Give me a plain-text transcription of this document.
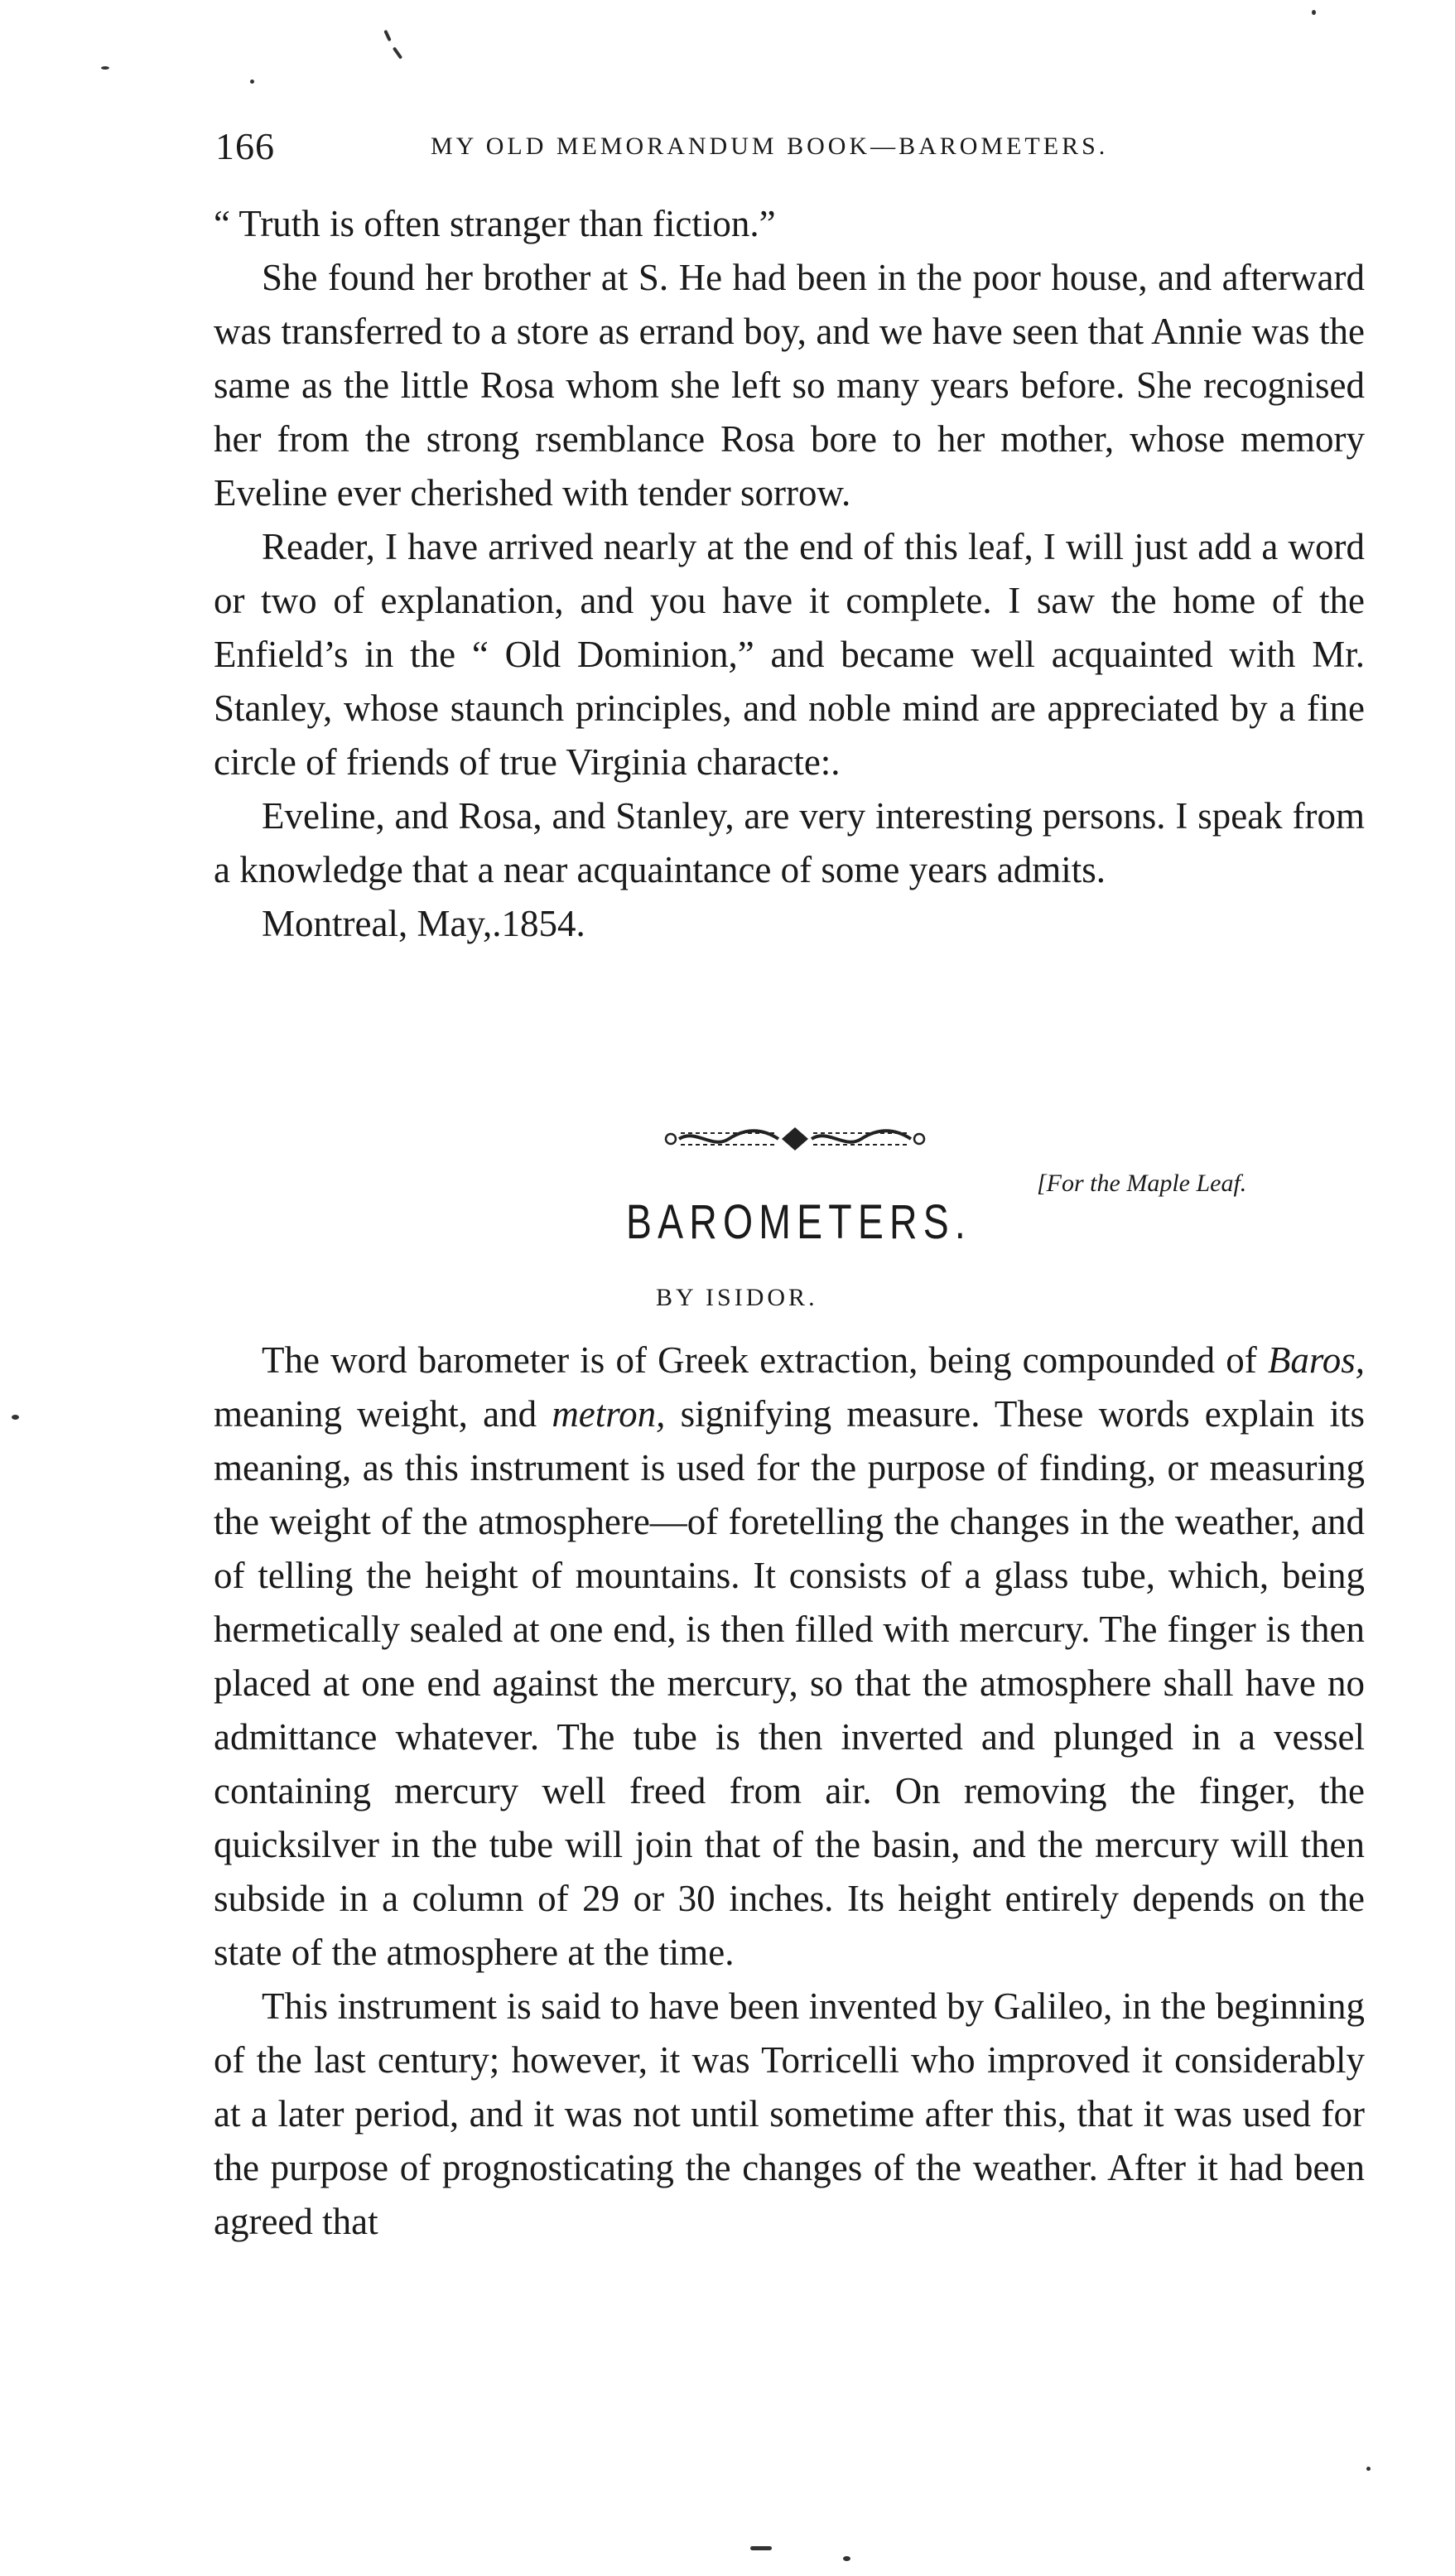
166	MY OLD MEMORANDUM BOOK—BAROMETERS.

“ Truth is often stranger than fiction.”

She found her brother at S. He had been in the poor house, and afterward was transferred to a store as errand boy, and we have seen that Annie was the same as the little Rosa whom she left so many years before. She recognised her from the strong rsemblance Rosa bore to her mother, whose memory Eveline ever cherished with tender sorrow.

Reader, I have arrived nearly at the end of this leaf, I will just add a word or two of explanation, and you have it complete. I saw the home of the Enfield’s in the “ Old Dominion,” and became well acquainted with Mr. Stanley, whose staunch principles, and noble mind are appreciated by a fine circle of friends of true Virginia characte:.

Eveline, and Rosa, and Stanley, are very interesting persons. I speak from a knowledge that a near acquaintance of some years admits.

Montreal, May,.1854.

[For the Maple Leaf.
BAROMETERS.
BY ISIDOR.

The word barometer is of Greek extraction, being compounded of Baros, meaning weight, and metron, signifying measure. These words explain its meaning, as this instrument is used for the purpose of finding, or measuring the weight of the atmosphere—of foretelling the changes in the weather, and of telling the height of mountains. It consists of a glass tube, which, being hermetically sealed at one end, is then filled with mercury. The finger is then placed at one end against the mercury, so that the atmosphere shall have no admittance whatever. The tube is then inverted and plunged in a vessel containing mercury well freed from air. On removing the finger, the quicksilver in the tube will join that of the basin, and the mercury will then subside in a column of 29 or 30 inches. Its height entirely depends on the state of the atmosphere at the time.

This instrument is said to have been invented by Galileo, in the beginning of the last century; however, it was Torricelli who improved it considerably at a later period, and it was not until sometime after this, that it was used for the purpose of prognosticating the changes of the weather. After it had been agreed that
